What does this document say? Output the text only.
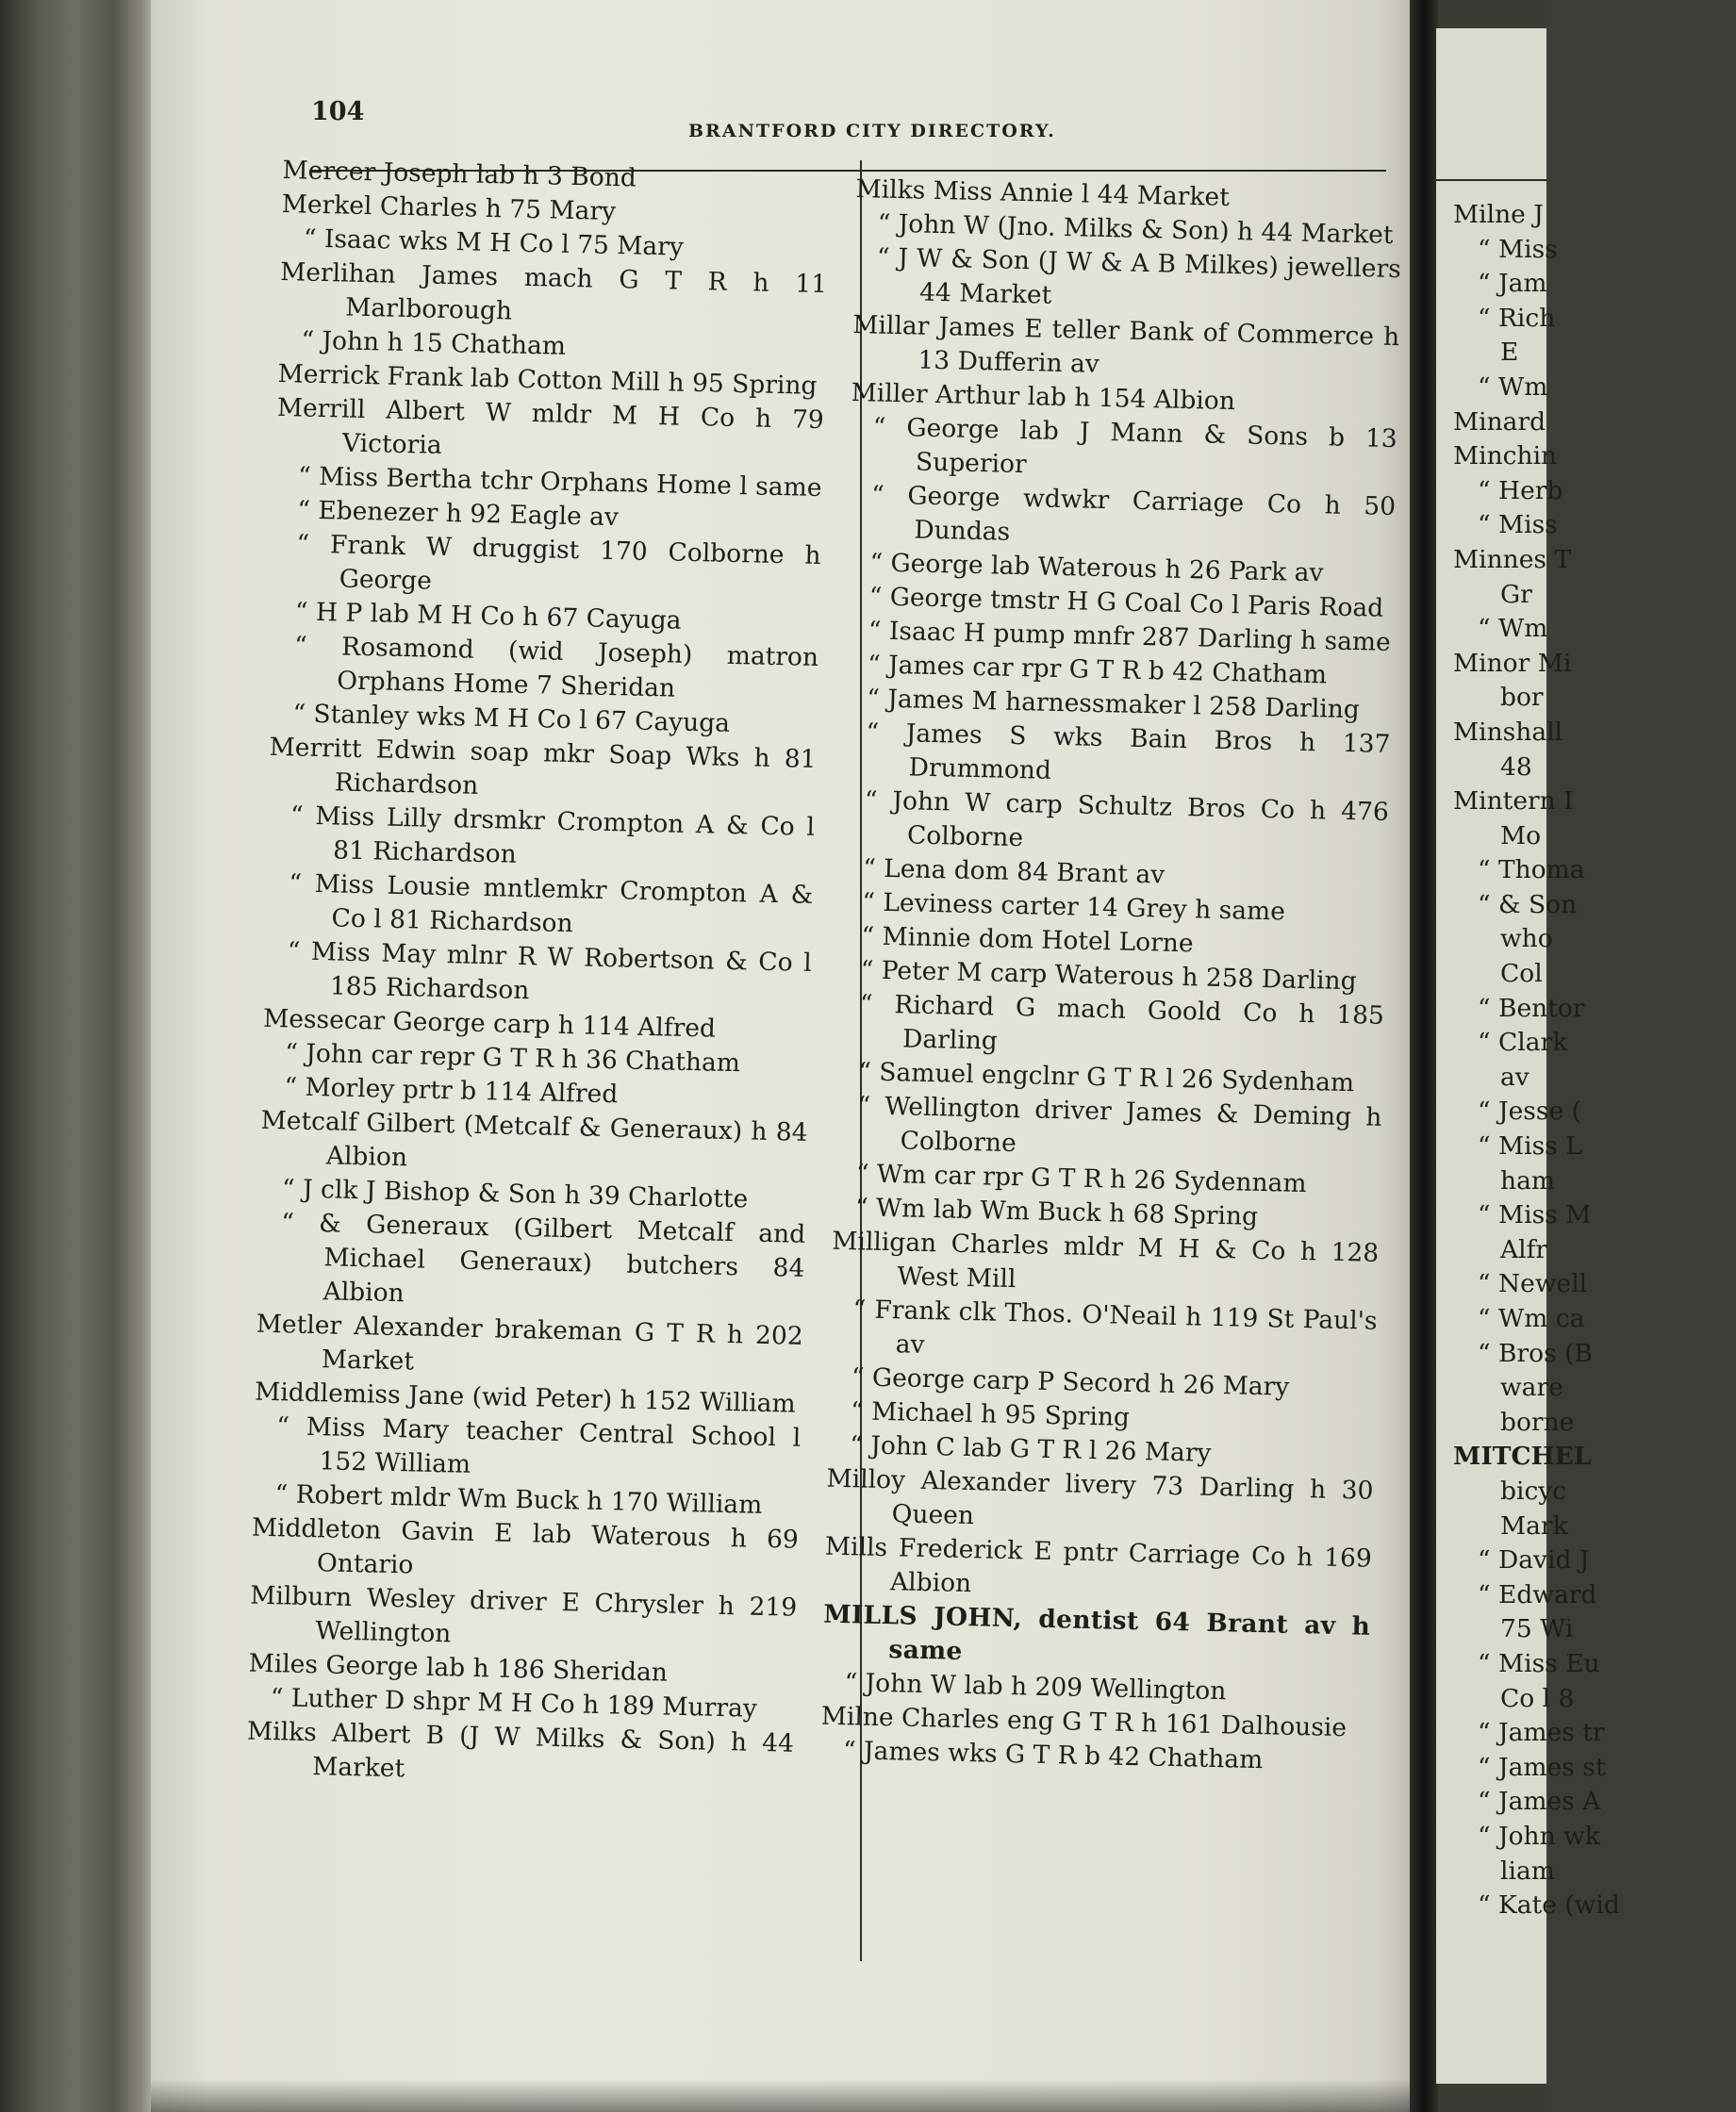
Milne J
“ Miss
“ Jam
“ Rich
E
“ Wm
Minard
Minchin
“ Herb
“ Miss
Minnes T
Gr
“ Wm
Minor Mi
bor
Minshall
48
Mintern I
Mo
“ Thoma
“ & Son
who
Col
“ Bentor
“ Clark
av
“ Jesse (
“ Miss L
ham
“ Miss M
Alfr
“ Newell
“ Wm ca
“ Bros (B
ware
borne
MITCHEL
bicyc
Mark
“ David J
“ Edward
75 Wi
“ Miss Eu
Co l 8
“ James tr
“ James st
“ James A
“ John wk
liam
“ Kate (wid
104
BRANTFORD CITY DIRECTORY.
Mercer Joseph lab h 3 Bond
Merkel Charles h 75 Mary
“ Isaac wks M H Co l 75 Mary
Merlihan James mach G T R h 11 Marlborough
“ John h 15 Chatham
Merrick Frank lab Cotton Mill h 95 Spring
Merrill Albert W mldr M H Co h 79 Victoria
“ Miss Bertha tchr Orphans Home l same
“ Ebenezer h 92 Eagle av
“ Frank W druggist 170 Colborne h George
“ H P lab M H Co h 67 Cayuga
“ Rosamond (wid Joseph) matron Orphans Home 7 Sheridan
“ Stanley wks M H Co l 67 Cayuga
Merritt Edwin soap mkr Soap Wks h 81 Richardson
“ Miss Lilly drsmkr Crompton A & Co l 81 Richardson
“ Miss Lousie mntlemkr Crompton A & Co l 81 Richardson
“ Miss May mlnr R W Robertson & Co l 185 Richardson
Messecar George carp h 114 Alfred
“ John car repr G T R h 36 Chatham
“ Morley prtr b 114 Alfred
Metcalf Gilbert (Metcalf & Generaux) h 84 Albion
“ J clk J Bishop & Son h 39 Charlotte
“ & Generaux (Gilbert Metcalf and Michael Generaux) butchers 84 Albion
Metler Alexander brakeman G T R h 202 Market
Middlemiss Jane (wid Peter) h 152 William
“ Miss Mary teacher Central School l 152 William
“ Robert mldr Wm Buck h 170 William
Middleton Gavin E lab Waterous h 69 Ontario
Milburn Wesley driver E Chrysler h 219 Wellington
Miles George lab h 186 Sheridan
“ Luther D shpr M H Co h 189 Murray
Milks Albert B (J W Milks & Son) h 44 Market
Milks Miss Annie l 44 Market
“ John W (Jno. Milks & Son) h 44 Market
“ J W & Son (J W & A B Milkes) jewellers 44 Market
Millar James E teller Bank of Commerce h 13 Dufferin av
Miller Arthur lab h 154 Albion
“ George lab J Mann & Sons b 13 Superior
“ George wdwkr Carriage Co h 50 Dundas
“ George lab Waterous h 26 Park av
“ George tmstr H G Coal Co l Paris Road
“ Isaac H pump mnfr 287 Darling h same
“ James car rpr G T R b 42 Chatham
“ James M harnessmaker l 258 Darling
“ James S wks Bain Bros h 137 Drummond
“ John W carp Schultz Bros Co h 476 Colborne
“ Lena dom 84 Brant av
“ Leviness carter 14 Grey h same
“ Minnie dom Hotel Lorne
“ Peter M carp Waterous h 258 Darling
“ Richard G mach Goold Co h 185 Darling
“ Samuel engclnr G T R l 26 Sydenham
“ Wellington driver James & Deming h Colborne
“ Wm car rpr G T R h 26 Sydennam
“ Wm lab Wm Buck h 68 Spring
Milligan Charles mldr M H & Co h 128 West Mill
“ Frank clk Thos. O'Neail h 119 St Paul's av
“ George carp P Secord h 26 Mary
“ Michael h 95 Spring
“ John C lab G T R l 26 Mary
Milloy Alexander livery 73 Darling h 30 Queen
Mills Frederick E pntr Carriage Co h 169 Albion
MILLS JOHN, dentist 64 Brant av h same
“ John W lab h 209 Wellington
Milne Charles eng G T R h 161 Dalhousie
“ James wks G T R b 42 Chatham
